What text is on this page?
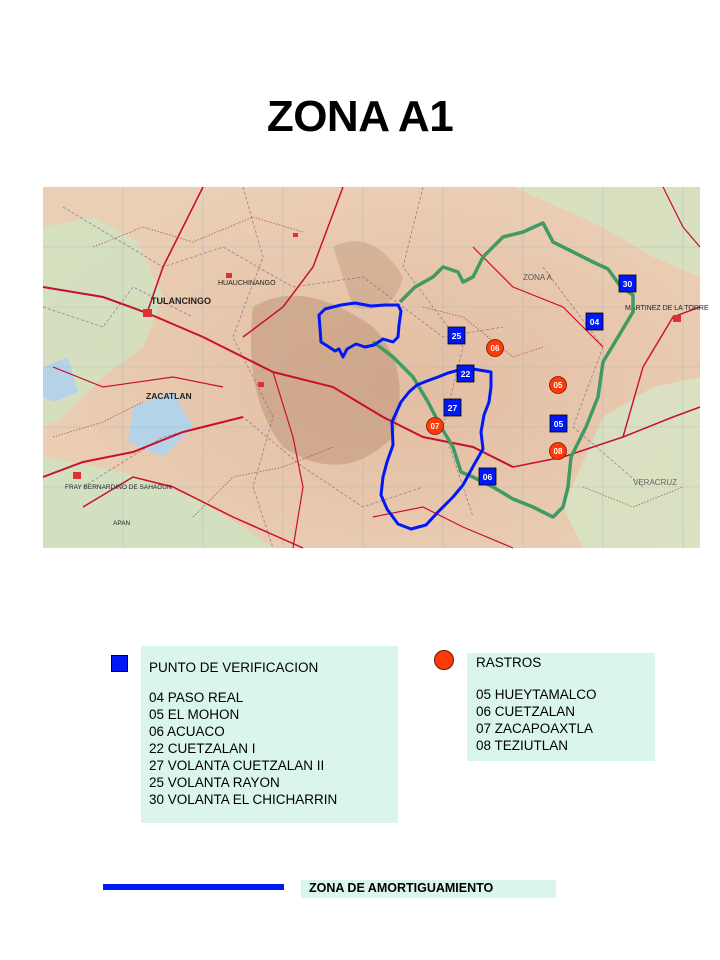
ZONA A1
TULANCINGO
ZACATLAN
VERACRUZ
MARTINEZ DE LA TORRE
HUAUCHINANGO
FRAY BERNARDINO DE SAHAGUN
APAN
ZONA A
30
04
25
22
27
05
06
06
05
07
08
PUNTO DE VERIFICACION
04 PASO REAL
05 EL MOHON
06 ACUACO
22 CUETZALAN I
27 VOLANTA CUETZALAN II
25 VOLANTA RAYON
30 VOLANTA EL CHICHARRIN
RASTROS
05 HUEYTAMALCO
06 CUETZALAN
07 ZACAPOAXTLA
08 TEZIUTLAN
ZONA DE AMORTIGUAMIENTO
